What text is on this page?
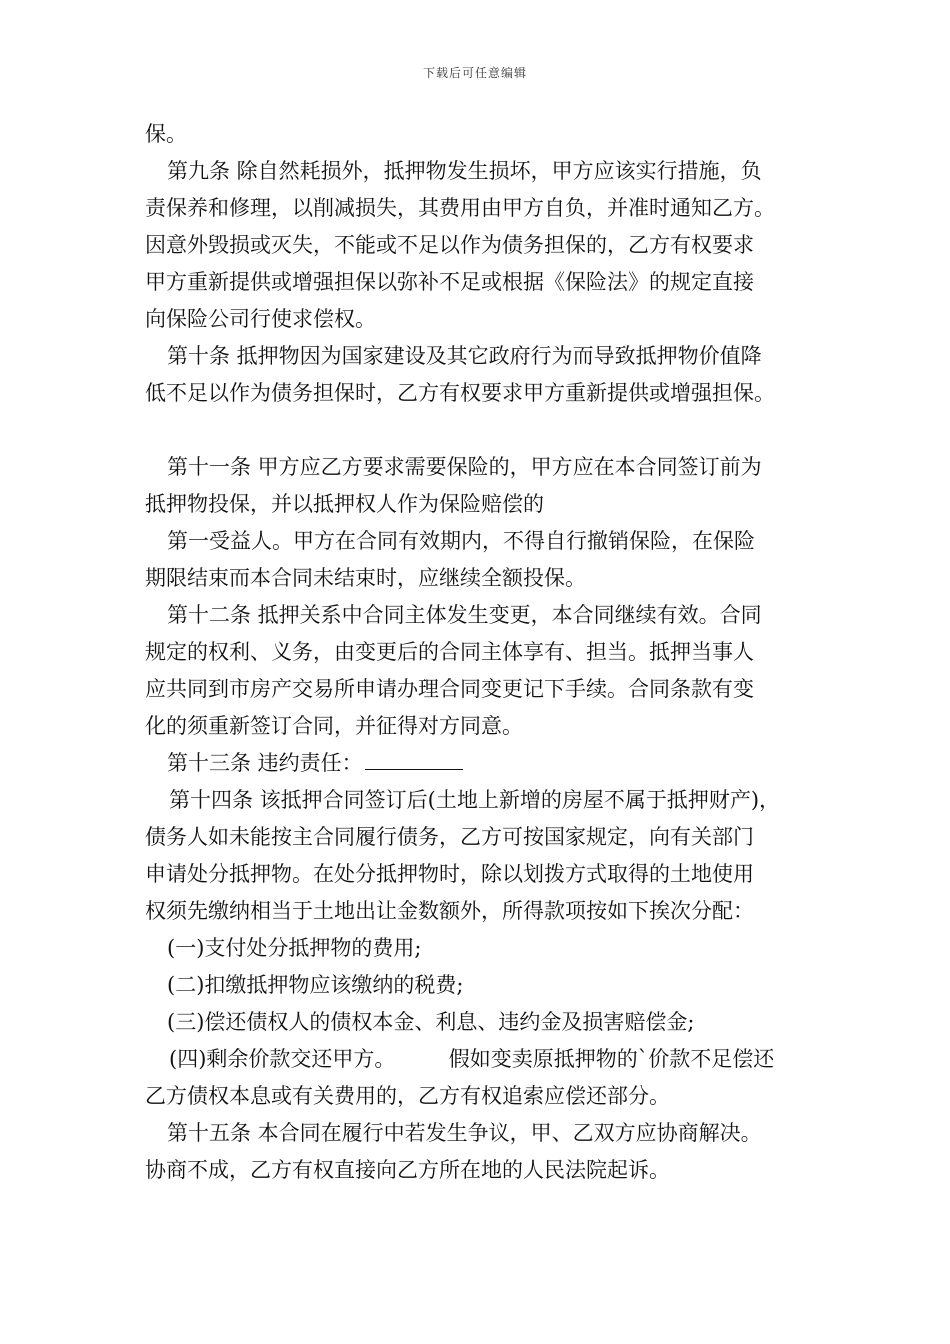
下载后可任意编辑
保。
第九条 除自然耗损外，抵押物发生损坏，甲方应该实行措施，负
责保养和修理，以削减损失，其费用由甲方自负，并准时通知乙方。
因意外毁损或灭失，不能或不足以作为债务担保的，乙方有权要求
甲方重新提供或增强担保以弥补不足或根据《保险法》的规定直接
向保险公司行使求偿权。
第十条 抵押物因为国家建设及其它政府行为而导致抵押物价值降
低不足以作为债务担保时，乙方有权要求甲方重新提供或增强担保。
第十一条 甲方应乙方要求需要保险的，甲方应在本合同签订前为
抵押物投保，并以抵押权人作为保险赔偿的
第一受益人。甲方在合同有效期内，不得自行撤销保险，在保险
期限结束而本合同未结束时，应继续全额投保。
第十二条 抵押关系中合同主体发生变更，本合同继续有效。合同
规定的权利、义务，由变更后的合同主体享有、担当。抵押当事人
应共同到市房产交易所申请办理合同变更记下手续。合同条款有变
化的须重新签订合同，并征得对方同意。
第十三条 违约责任：
第十四条 该抵押合同签订后(土地上新增的房屋不属于抵押财产)，
债务人如未能按主合同履行债务，乙方可按国家规定，向有关部门
申请处分抵押物。在处分抵押物时，除以划拨方式取得的土地使用
权须先缴纳相当于土地出让金数额外，所得款项按如下挨次分配：
(一)支付处分抵押物的费用;
(二)扣缴抵押物应该缴纳的税费;
(三)偿还债权人的债权本金、利息、违约金及损害赔偿金;
(四)剩余价款交还甲方。        假如变卖原抵押物的`价款不足偿还
乙方债权本息或有关费用的，乙方有权追索应偿还部分。
第十五条 本合同在履行中若发生争议，甲、乙双方应协商解决。
协商不成，乙方有权直接向乙方所在地的人民法院起诉。
